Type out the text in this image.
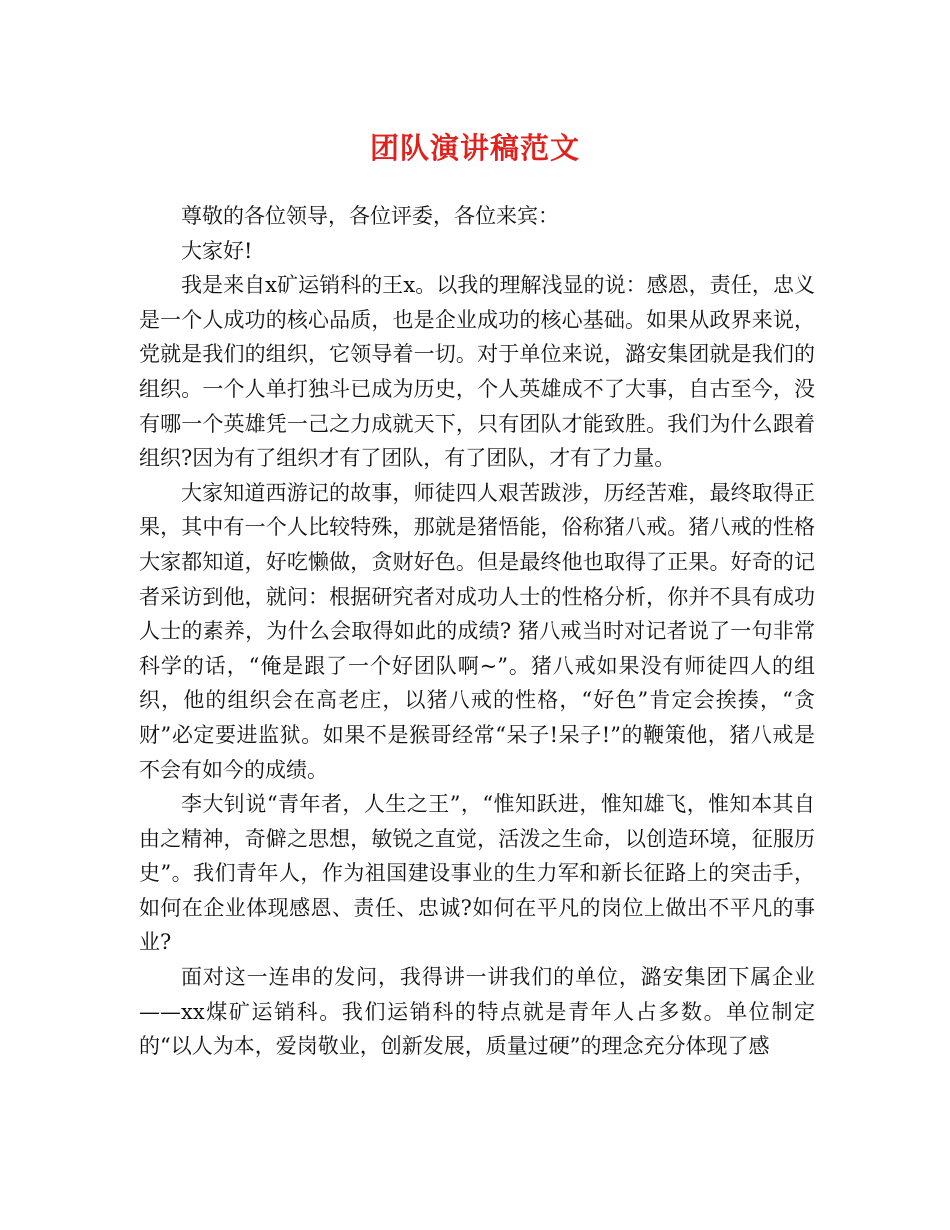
团队演讲稿范文

尊敬的各位领导，各位评委，各位来宾：

大家好!

我是来自x矿运销科的王x。以我的理解浅显的说：感恩，责任，忠义是一个人成功的核心品质，也是企业成功的核心基础。如果从政界来说，党就是我们的组织，它领导着一切。对于单位来说，潞安集团就是我们的组织。一个人单打独斗已成为历史，个人英雄成不了大事，自古至今，没有哪一个英雄凭一己之力成就天下，只有团队才能致胜。我们为什么跟着组织?因为有了组织才有了团队，有了团队，才有了力量。

大家知道西游记的故事，师徒四人艰苦跋涉，历经苦难，最终取得正果，其中有一个人比较特殊，那就是猪悟能，俗称猪八戒。猪八戒的性格大家都知道，好吃懒做，贪财好色。但是最终他也取得了正果。好奇的记者采访到他，就问：根据研究者对成功人士的性格分析，你并不具有成功人士的素养，为什么会取得如此的成绩? 猪八戒当时对记者说了一句非常科学的话，“俺是跟了一个好团队啊~”。猪八戒如果没有师徒四人的组织，他的组织会在高老庄，以猪八戒的性格，“好色”肯定会挨揍，“贪财”必定要进监狱。如果不是猴哥经常“呆子!呆子!”的鞭策他，猪八戒是不会有如今的成绩。

李大钊说“青年者，人生之王”，“惟知跃进，惟知雄飞，惟知本其自由之精神，奇僻之思想，敏锐之直觉，活泼之生命，以创造环境，征服历史”。我们青年人，作为祖国建设事业的生力军和新长征路上的突击手，如何在企业体现感恩、责任、忠诚?如何在平凡的岗位上做出不平凡的事业?

面对这一连串的发问，我得讲一讲我们的单位，潞安集团下属企业——xx煤矿运销科。我们运销科的特点就是青年人占多数。单位制定的“以人为本，爱岗敬业，创新发展，质量过硬”的理念充分体现了感
